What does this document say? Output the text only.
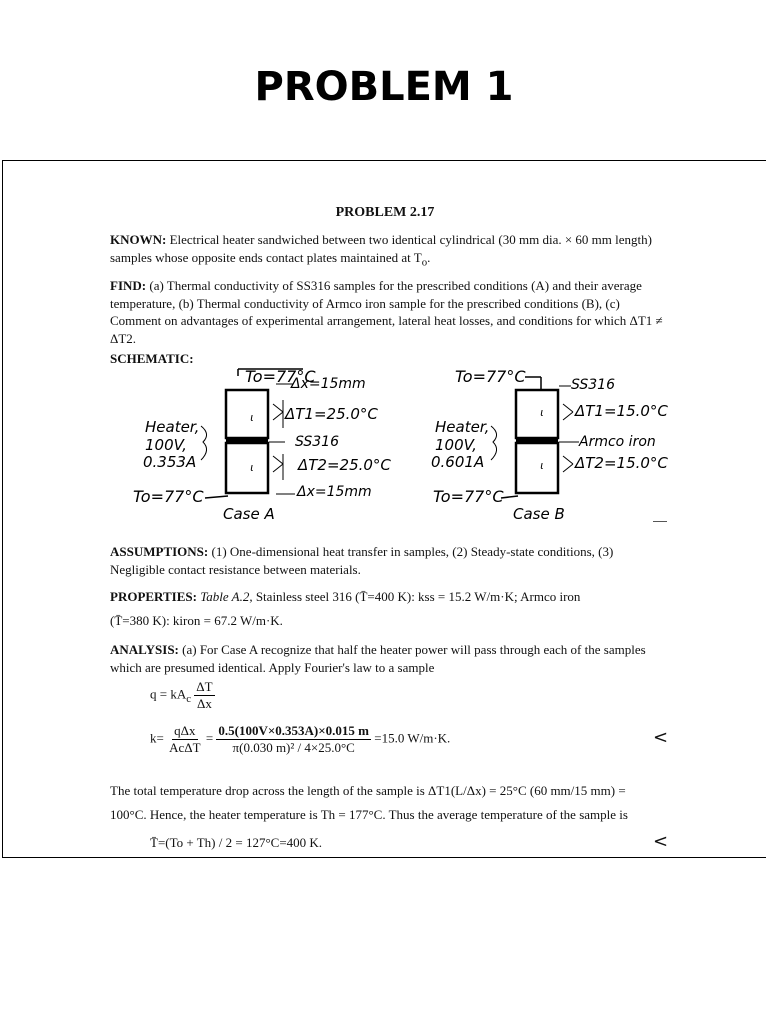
PROBLEM 1
PROBLEM 2.17

KNOWN: Electrical heater sandwiched between two identical cylindrical (30 mm dia. × 60 mm length) samples whose opposite ends contact plates maintained at $T_o$.

FIND: (a) Thermal conductivity of SS316 samples for the prescribed conditions (A) and their average temperature, (b) Thermal conductivity of Armco iron sample for the prescribed conditions (B), (c) Comment on advantages of experimental arrangement, lateral heat losses, and conditions for which ΔT1 ≠ ΔT2.

SCHEMATIC:
To=77°C
ɩ
ɩ
Δx=15mm
ΔT1=25.0°C
SS316
ΔT2=25.0°C
Δx=15mm
Heater,
100V,
0.353A
To=77°C
Case A
To=77°C
ɩ
ɩ
SS316
ΔT1=15.0°C
Armco iron
ΔT2=15.0°C
Heater,
100V,
0.601A
To=77°C
Case B

ASSUMPTIONS: (1) One-dimensional heat transfer in samples, (2) Steady-state conditions, (3) Negligible contact resistance between materials.

PROPERTIES: Table A.2, Stainless steel 316 (T̄=400 K): kss = 15.2 W/m·K; Armco iron
(T̄=380 K): kiron = 67.2 W/m·K.

ANALYSIS: (a) For Case A recognize that half the heater power will pass through each of the samples which are presumed identical. Apply Fourier's law to a sample

$q = kA_c \frac{\Delta T}{\Delta x}$
$k= \frac{\text{qΔx}}{\text{AcΔT}} = \frac{0.5(100V\times 0.353A)\times 0.015 m}{\text{π(0.030 m)² / 4×25.0°C}} =15.0$ W/m·K.	<

The total temperature drop across the length of the sample is ΔT1(L/Δx) = 25°C (60 mm/15 mm) =
100°C. Hence, the heater temperature is Th = 177°C. Thus the average temperature of the sample is

T̄=(To + Th) / 2 = 127°C=400 K.	<
